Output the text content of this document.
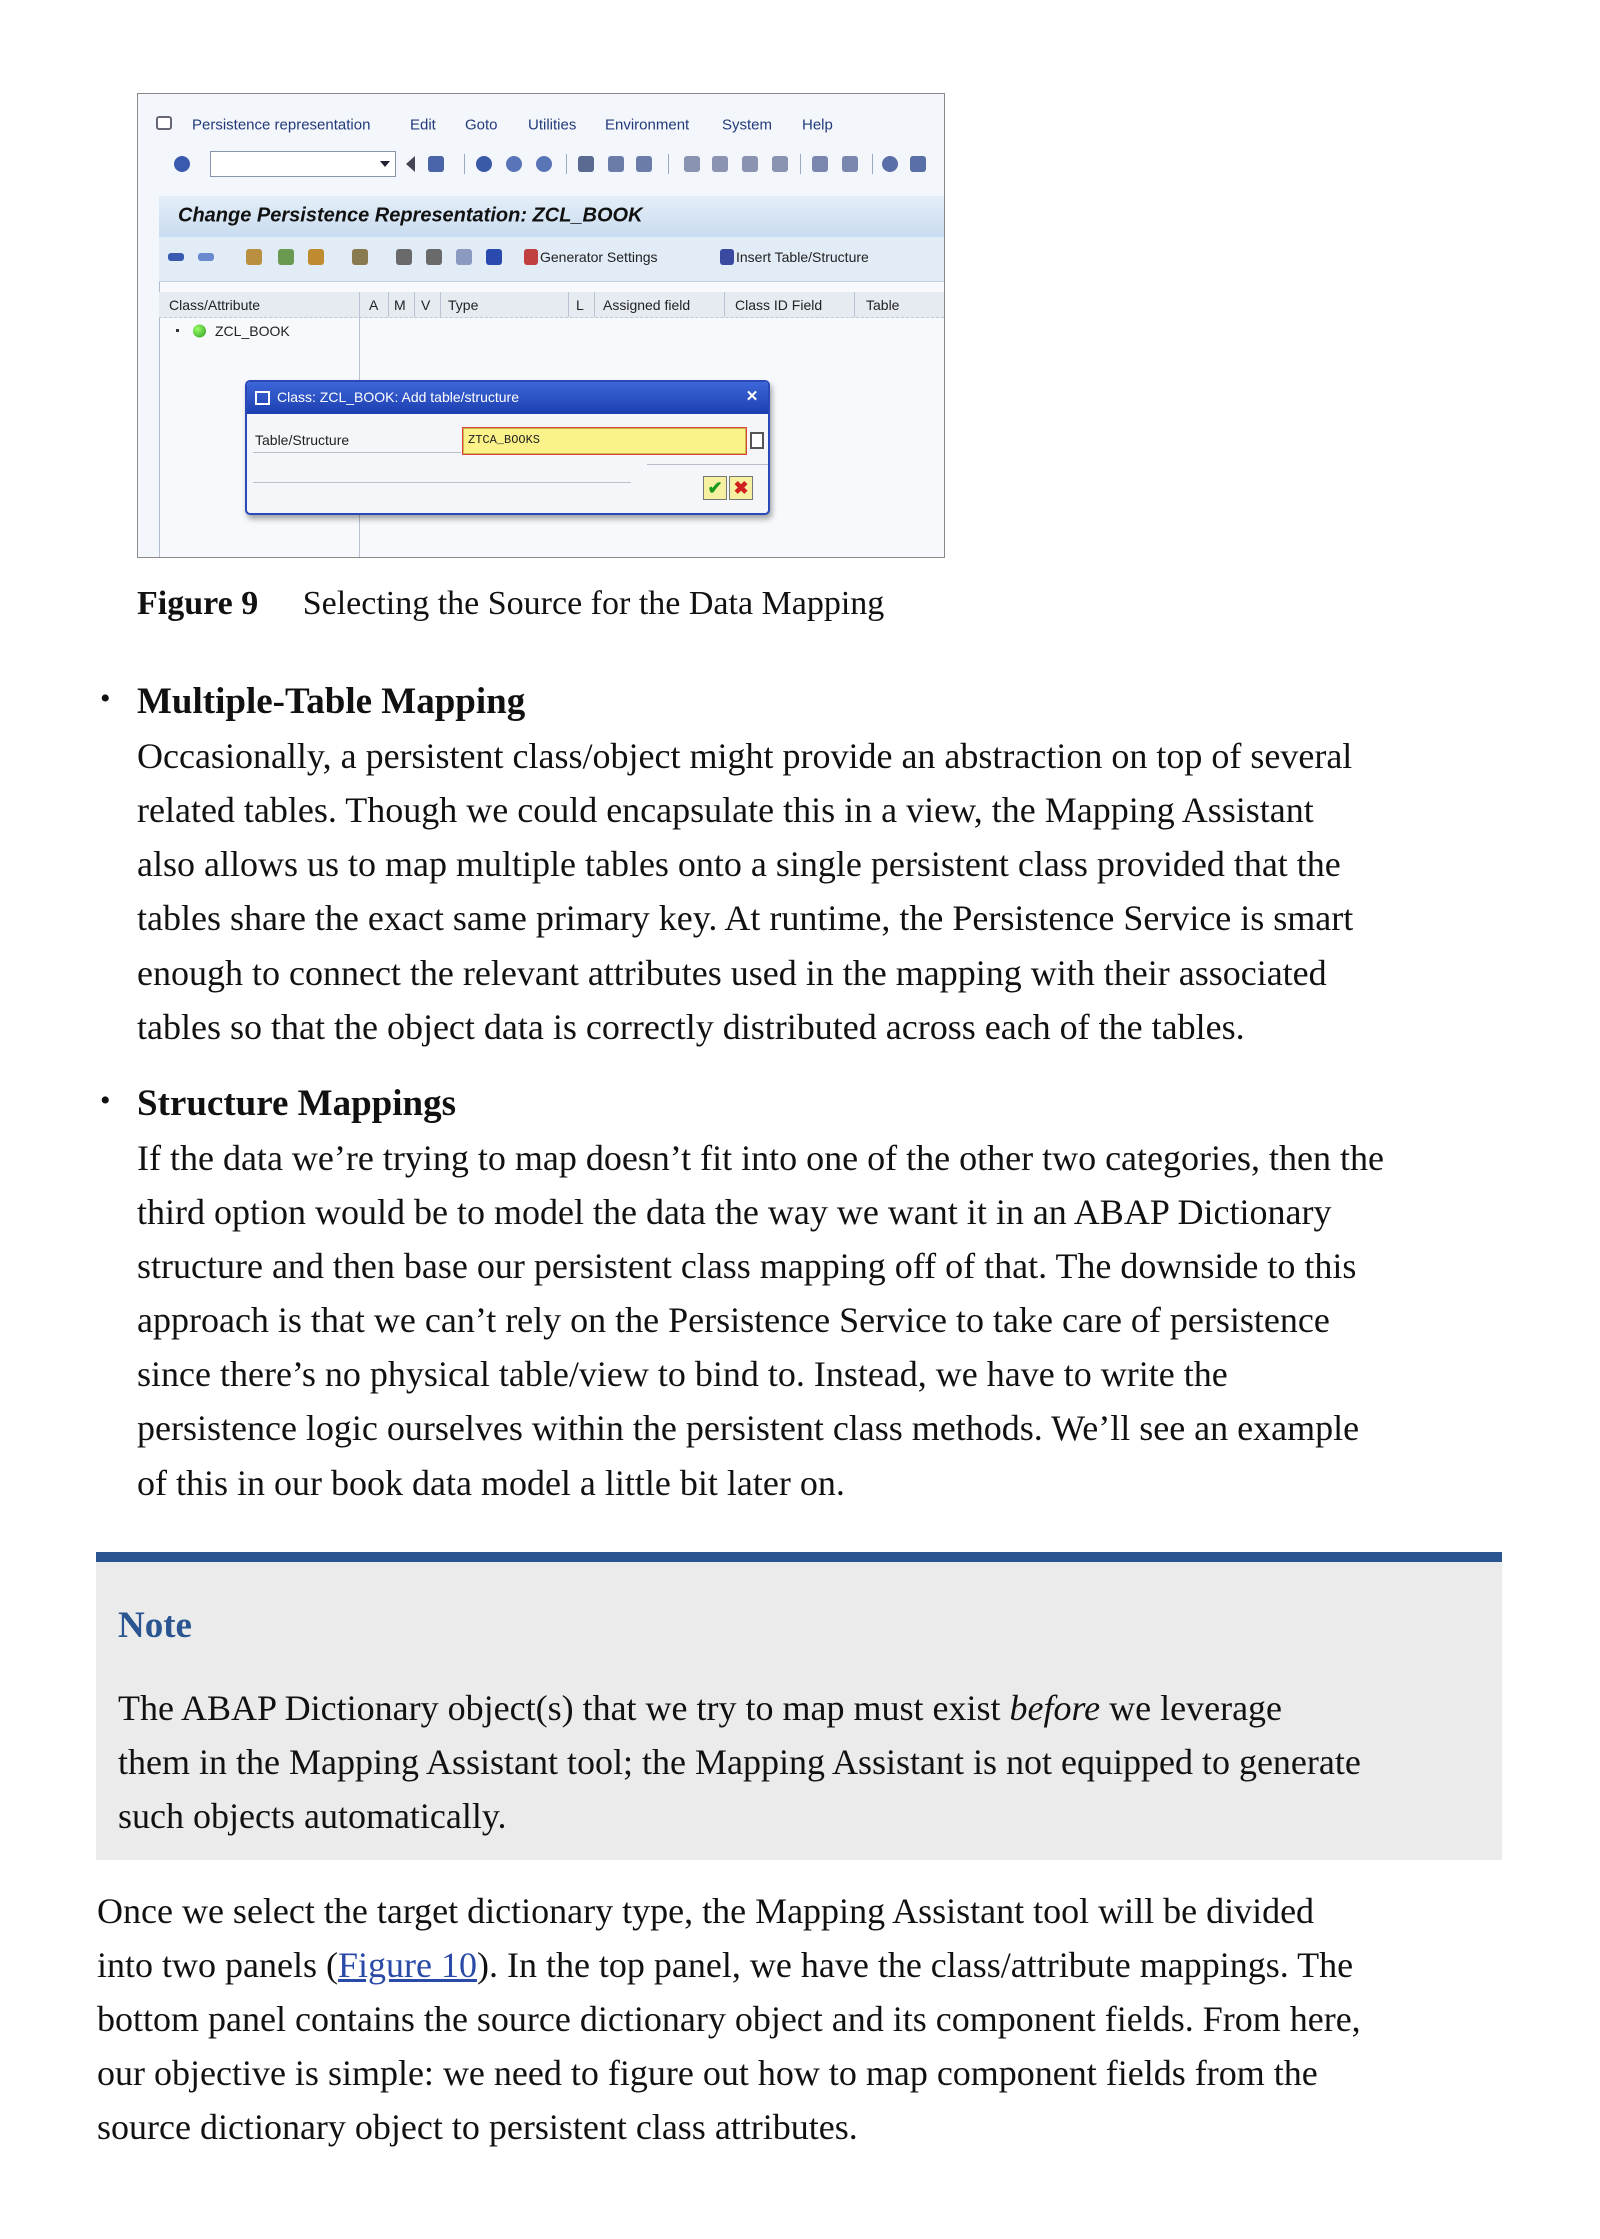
Persistence representation	Edit Goto Utilities Environment System Help
Change Persistence Representation: ZCL_BOOK
Generator Settings	Insert Table/Structure
Class/Attribute	A M V Type	L Assigned field	Class ID Field	Table
ZCL_BOOK
Class: ZCL_BOOK: Add table/structure	✕
Table/Structure	ZTCA_BOOKS
✔ ✖
Figure 9 Selecting the Source for the Data Mapping
• Multiple-Table Mapping
Occasionally, a persistent class/object might provide an abstraction on top of several
related tables. Though we could encapsulate this in a view, the Mapping Assistant
also allows us to map multiple tables onto a single persistent class provided that the
tables share the exact same primary key. At runtime, the Persistence Service is smart
enough to connect the relevant attributes used in the mapping with their associated
tables so that the object data is correctly distributed across each of the tables.
• Structure Mappings
If the data we’re trying to map doesn’t fit into one of the other two categories, then the
third option would be to model the data the way we want it in an ABAP Dictionary
structure and then base our persistent class mapping off of that. The downside to this
approach is that we can’t rely on the Persistence Service to take care of persistence
since there’s no physical table/view to bind to. Instead, we have to write the
persistence logic ourselves within the persistent class methods. We’ll see an example
of this in our book data model a little bit later on.
Note
The ABAP Dictionary object(s) that we try to map must exist before we leverage
them in the Mapping Assistant tool; the Mapping Assistant is not equipped to generate
such objects automatically.
Once we select the target dictionary type, the Mapping Assistant tool will be divided
into two panels (Figure 10). In the top panel, we have the class/attribute mappings. The
bottom panel contains the source dictionary object and its component fields. From here,
our objective is simple: we need to figure out how to map component fields from the
source dictionary object to persistent class attributes.
